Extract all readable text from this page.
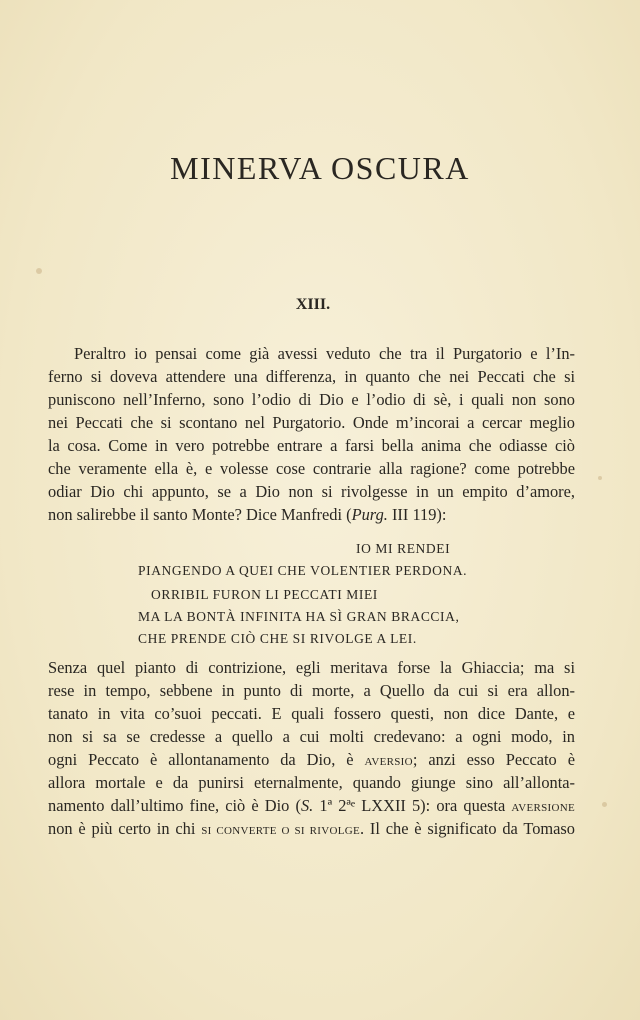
MINERVA OSCURA
XIII.
Peraltro io pensai come già avessi veduto che tra il Purgatorio e l’In-
ferno si doveva attendere una differenza, in quanto che nei Peccati che si
puniscono nell’Inferno, sono l’odio di Dio e l’odio di sè, i quali non sono
nei Peccati che si scontano nel Purgatorio. Onde m’incorai a cercar meglio
la cosa. Come in vero potrebbe entrare a farsi bella anima che odiasse ciò
che veramente ella è, e volesse cose contrarie alla ragione? come potrebbe
odiar Dio chi appunto, se a Dio non si rivolgesse in un empito d’amore,
non salirebbe il santo Monte? Dice Manfredi (Purg. III 119):
IO MI RENDEI
PIANGENDO A QUEI CHE VOLENTIER PERDONA.
ORRIBIL FURON LI PECCATI MIEI
MA LA BONTÀ INFINITA HA SÌ GRAN BRACCIA,
CHE PRENDE CIÒ CHE SI RIVOLGE A LEI.
Senza quel pianto di contrizione, egli meritava forse la Ghiaccia; ma si
rese in tempo, sebbene in punto di morte, a Quello da cui si era allon-
tanato in vita co’suoi peccati. E quali fossero questi, non dice Dante, e
non si sa se credesse a quello a cui molti credevano: a ogni modo, in
ogni Peccato è allontanamento da Dio, è AVERSIO; anzi esso Peccato è
allora mortale e da punirsi eternalmente, quando giunge sino all’allonta-
namento dall’ultimo fine, ciò è Dio (S. 1ª 2ªᵉ LXXII 5): ora questa AVERSIONE
non è più certo in chi SI CONVERTE O SI RIVOLGE. Il che è significato da Tomaso
